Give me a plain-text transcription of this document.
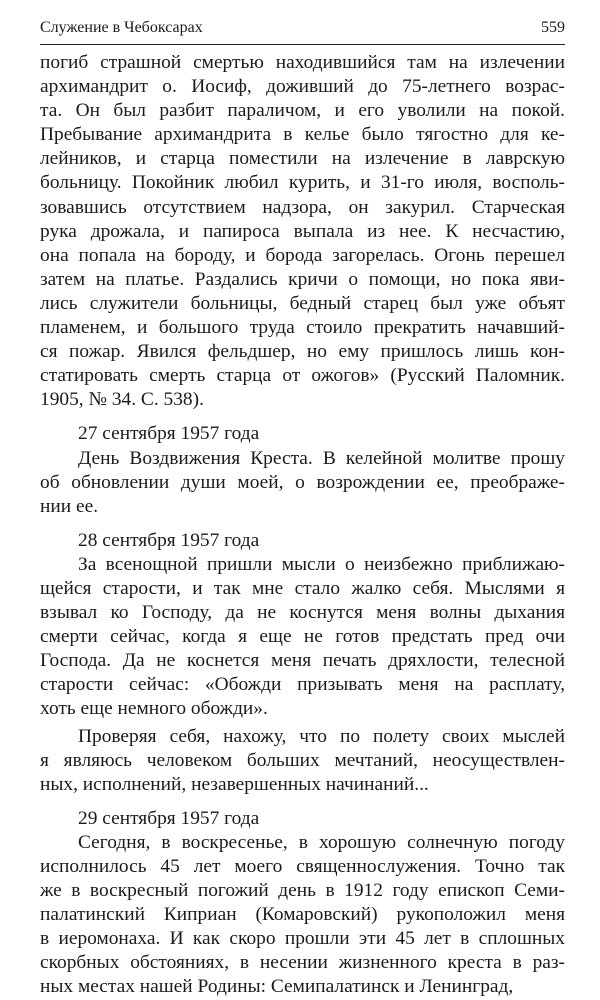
Служение в Чебоксарах	559
погиб страшной смертью находившийся там на излечении
архимандрит о. Иосиф, доживший до 75-летнего возрас-
та. Он был разбит параличом, и его уволили на покой.
Пребывание архимандрита в келье было тягостно для ке-
лейников, и старца поместили на излечение в лаврскую
больницу. Покойник любил курить, и 31-го июля, восполь-
зовавшись отсутствием надзора, он закурил. Старческая
рука дрожала, и папироса выпала из нее. К несчастию,
она попала на бороду, и борода загорелась. Огонь перешел
затем на платье. Раздались кричи о помощи, но пока яви-
лись служители больницы, бедный старец был уже объят
пламенем, и большого труда стоило прекратить начавший-
ся пожар. Явился фельдшер, но ему пришлось лишь кон-
статировать смерть старца от ожогов» (Русский Паломник.
1905, № 34. С. 538).
27 сентября 1957 года
День Воздвижения Креста. В келейной молитве прошу
об обновлении души моей, о возрождении ее, преображе-
нии ее.
28 сентября 1957 года
За всенощной пришли мысли о неизбежно приближаю-
щейся старости, и так мне стало жалко себя. Мыслями я
взывал ко Господу, да не коснутся меня волны дыхания
смерти сейчас, когда я еще не готов предстать пред очи
Господа. Да не коснется меня печать дряхлости, телесной
старости сейчас: «Обожди призывать меня на расплату,
хоть еще немного обожди».
Проверяя себя, нахожу, что по полету своих мыслей
я являюсь человеком больших мечтаний, неосуществлен-
ных, исполнений, незавершенных начинаний...
29 сентября 1957 года
Сегодня, в воскресенье, в хорошую солнечную погоду
исполнилось 45 лет моего священнослужения. Точно так
же в воскресный погожий день в 1912 году епископ Семи-
палатинский Киприан (Комаровский) рукоположил меня
в иеромонаха. И как скоро прошли эти 45 лет в сплошных
скорбных обстояниях, в несении жизненного креста в раз-
ных местах нашей Родины: Семипалатинск и Ленинград,
